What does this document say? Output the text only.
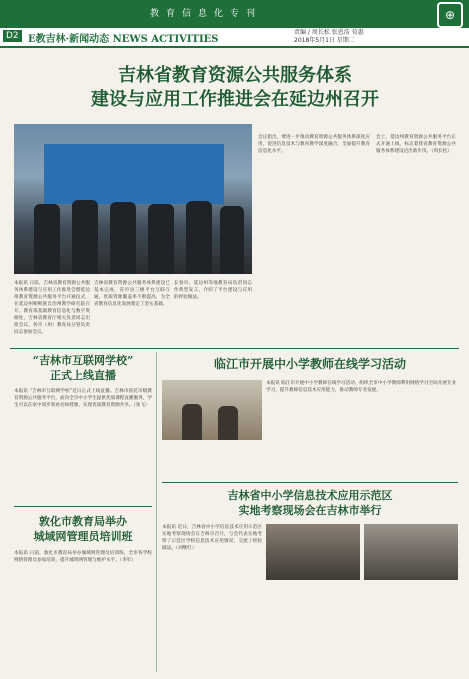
教育信息化专刊	⊕
D2 E教吉林·新闻动态 NEWS ACTIVITIES
责编 / 周长松 张恩浩 荀惠
2018年5月1日 星期二
吉林省教育资源公共服务体系
建设与应用工作推进会在延边州召开
本报讯 日前，吉林省教育资源公共服务体系建设与应用工作推进会暨延边州教育资源公共服务平台开通仪式，在延边州朝鲜族自治州教学研究院召开。教育部基础教育信息化与数字资源处、吉林省教育厅相关负责同志出席会议，各市（州）教育局分管负责同志参加会议。
吉林省教育资源公共服务体系建设已基本完成，省市县三级平台互联互通，优质资源覆盖率不断提高，为全省教育信息化发展奠定了坚实基础。
长春市、延边州等地教育局负责同志作典型发言，介绍了平台建设与应用的经验做法。
会议指出，要进一步推动教育资源公共服务体系深度应用，促进信息技术与教育教学深度融合，全面提升教育信息化水平。
会上，延边州教育资源公共服务平台正式开通上线，标志着我省教育资源公共服务体系建设迈出新步伐。（周长松）
“吉林市互联网学校”
正式上线直播
本报讯 “吉林市互联网学校”近日正式上线直播。吉林市依托市级教育资源公共服务平台，面向全市中小学生提供优质课程直播服务，学生可以在家中同步收看名师授课，实现优质教育资源共享。（张飞）
敦化市教育局举办
城域网管理员培训班
本报讯 日前，敦化市教育局举办城域网管理员培训班，全市各学校网络管理员参加培训，提升城域网管理与维护水平。（李军）
临江市开展中小学教师在线学习活动
本报讯 临江市开展中小学教师在线学习活动，组织全市中小学教师利用网络学习空间开展专业学习，提升教师信息技术应用能力，推动教师专业发展。
吉林省中小学信息技术应用示范区
实地考察现场会在吉林市举行
本报讯 近日，吉林省中小学信息技术应用示范区实地考察现场会在吉林市召开，与会代表实地考察了示范区学校信息技术应用情况，交流了经验做法。（刘继红）
